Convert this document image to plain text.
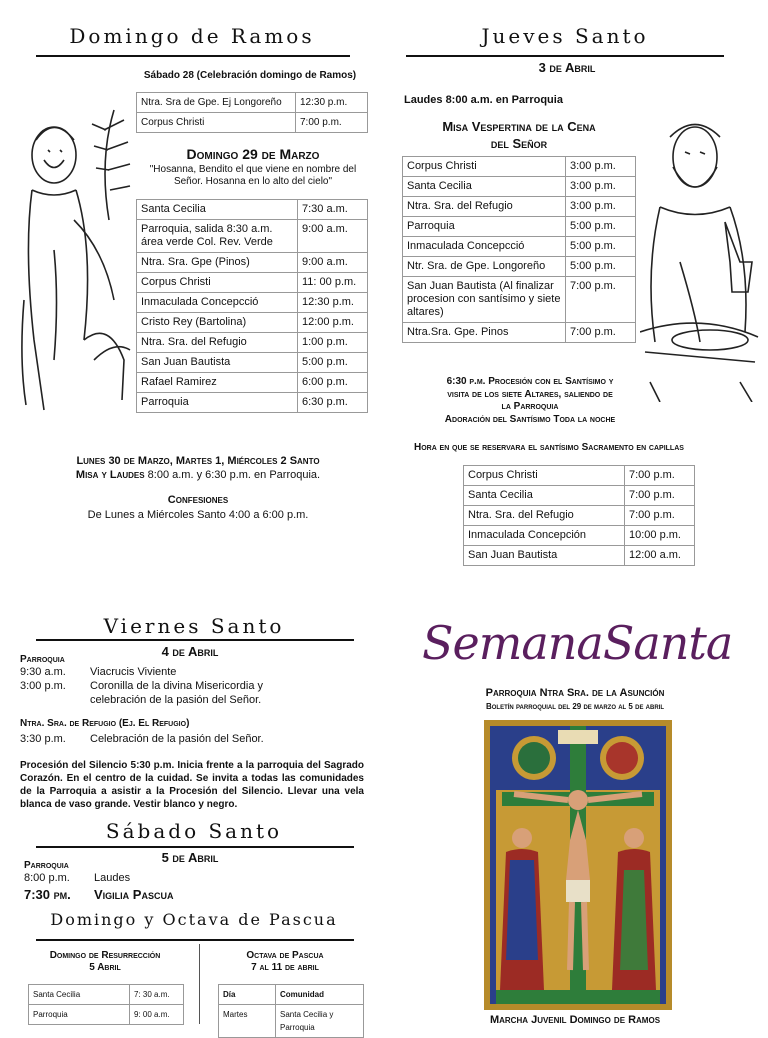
Domingo de Ramos
Sábado 28 (Celebración domingo de Ramos)
Ntra. Sra de Gpe. Ej Longoreño	12:30 p.m.
Corpus Christi	7:00 p.m.
Domingo 29 de Marzo
"Hosanna, Bendito el que viene en nombre del Señor. Hosanna en lo alto del cielo"
Santa Cecilia	7:30 a.m.
Parroquia, salida 8:30 a.m. área verde Col. Rev. Verde	9:00 a.m.
Ntra. Sra. Gpe (Pinos)	9:00 a.m.
Corpus Christi	11: 00 p.m.
Inmaculada Concepcció	12:30 p.m.
Cristo Rey (Bartolina)	12:00 p.m.
Ntra. Sra. del Refugio	1:00 p.m.
San Juan Bautista	5:00 p.m.
Rafael Ramirez	6:00 p.m.
Parroquia	6:30 p.m.
Lunes 30 de Marzo, Martes 1, Miércoles 2 Santo
Misa y Laudes 8:00 a.m. y 6:30 p.m. en Parroquia.
Confesiones
De Lunes a Miércoles Santo 4:00 a 6:00 p.m.
Jueves Santo
3 de Abril
Laudes 8:00 a.m. en Parroquia
Misa Vespertina de la Cena
del Señor
Corpus Christi	3:00 p.m.
Santa Cecilia	3:00 p.m.
Ntra. Sra. del Refugio	3:00 p.m.
Parroquia	5:00 p.m.
Inmaculada Concepcció	5:00 p.m.
Ntr. Sra. de Gpe. Longoreño	5:00 p.m.
San Juan Bautista (Al finalizar procesion con santísimo y siete altares)	7:00 p.m.
Ntra.Sra. Gpe. Pinos	7:00 p.m.
6:30 p.m. Procesión con el Santísimo y
visita de los siete Altares, saliendo de
la Parroquia
Adoración del Santísimo Toda la noche
Hora en que se reservara el santísimo Sacramento en capillas
Corpus Christi	7:00 p.m.
Santa Cecilia	7:00 p.m.
Ntra. Sra. del Refugio	7:00 p.m.
Inmaculada Concepción	10:00 p.m.
San Juan Bautista	12:00 a.m.
Viernes Santo
4 de Abril
Parroquia
9:30 a.m. Viacrucis Viviente
3:00 p.m. Coronilla de la divina Misericordia y
celebración de la pasión del Señor.
Ntra. Sra. de Refugio (Ej. El Refugio)
3:30 p.m. Celebración de la pasión del Señor.
Procesión del Silencio 5:30 p.m. Inicia frente a la parroquia del Sagrado Corazón. En el centro de la cuidad. Se invita a todas las comunidades de la Parroquia a asistir a la Procesión del Silencio. Llevar una vela blanca de vaso grande. Vestir blanco y negro.
Sábado Santo
5 de Abril
Parroquia
8:00 p.m. Laudes
7:30 pm. Vigilia Pascua
Domingo y Octava de Pascua
Domingo de Resurrección
5 Abril
Octava de Pascua
7 al 11 de abril
Santa Cecilia	7: 30 a.m.
Parroquia	9: 00 a.m.
Día	Comunidad
Martes	Santa Cecilia y Parroquia
SemanaSanta
Parroquia Ntra Sra. de la Asunción
Boletín parroquial del 29 de marzo al 5 de abril
Marcha Juvenil Domingo de Ramos
